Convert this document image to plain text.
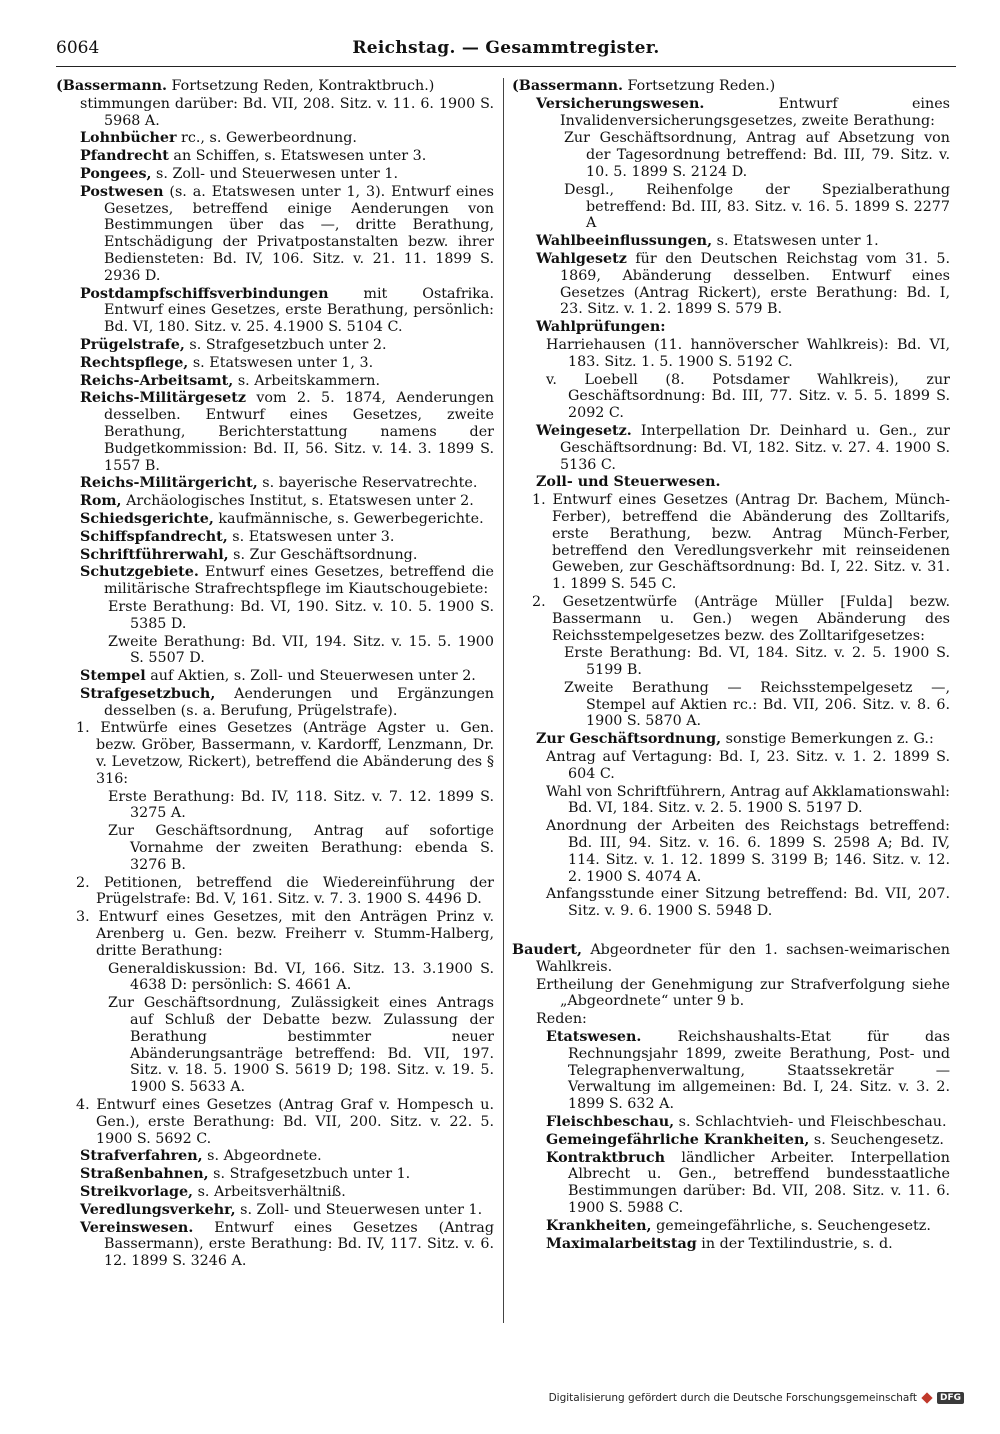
6064	Reichstag. — Gesammtregister.

(Bassermann. Fortsetzung Reden, Kontraktbruch.)

stimmungen darüber: Bd. VII, 208. Sitz. v. 11. 6. 1900 S. 5968 A.

Lohnbücher rc., s. Gewerbeordnung.

Pfandrecht an Schiffen, s. Etatswesen unter 3.

Pongees, s. Zoll- und Steuerwesen unter 1.

Postwesen (s. a. Etatswesen unter 1, 3). Entwurf eines Gesetzes, betreffend einige Aenderungen von Bestimmungen über das —, dritte Berathung, Entschädigung der Privatpostanstalten bezw. ihrer Bediensteten: Bd. IV, 106. Sitz. v. 21. 11. 1899 S. 2936 D.

Postdampfschiffsverbindungen mit Ostafrika. Entwurf eines Gesetzes, erste Berathung, persönlich: Bd. VI, 180. Sitz. v. 25. 4.1900 S. 5104 C.

Prügelstrafe, s. Strafgesetzbuch unter 2.

Rechtspflege, s. Etatswesen unter 1, 3.

Reichs-Arbeitsamt, s. Arbeitskammern.

Reichs-Militärgesetz vom 2. 5. 1874, Aenderungen desselben. Entwurf eines Gesetzes, zweite Berathung, Berichterstattung namens der Budgetkommission: Bd. II, 56. Sitz. v. 14. 3. 1899 S. 1557 B.

Reichs-Militärgericht, s. bayerische Reservatrechte.

Rom, Archäologisches Institut, s. Etatswesen unter 2.

Schiedsgerichte, kaufmännische, s. Gewerbegerichte.

Schiffspfandrecht, s. Etatswesen unter 3.

Schriftführerwahl, s. Zur Geschäftsordnung.

Schutzgebiete. Entwurf eines Gesetzes, betreffend die militärische Strafrechtspflege im Kiautschougebiete:

Erste Berathung: Bd. VI, 190. Sitz. v. 10. 5. 1900 S. 5385 D.

Zweite Berathung: Bd. VII, 194. Sitz. v. 15. 5. 1900 S. 5507 D.

Stempel auf Aktien, s. Zoll- und Steuerwesen unter 2.

Strafgesetzbuch, Aenderungen und Ergänzungen desselben (s. a. Berufung, Prügelstrafe).

1. Entwürfe eines Gesetzes (Anträge Agster u. Gen. bezw. Gröber, Bassermann, v. Kardorff, Lenzmann, Dr. v. Levetzow, Rickert), betreffend die Abänderung des § 316:

Erste Berathung: Bd. IV, 118. Sitz. v. 7. 12. 1899 S. 3275 A.

Zur Geschäftsordnung, Antrag auf sofortige Vornahme der zweiten Berathung: ebenda S. 3276 B.

2. Petitionen, betreffend die Wiedereinführung der Prügelstrafe: Bd. V, 161. Sitz. v. 7. 3. 1900 S. 4496 D.

3. Entwurf eines Gesetzes, mit den Anträgen Prinz v. Arenberg u. Gen. bezw. Freiherr v. Stumm-Halberg, dritte Berathung:

Generaldiskussion: Bd. VI, 166. Sitz. 13. 3.1900 S. 4638 D: persönlich: S. 4661 A.

Zur Geschäftsordnung, Zulässigkeit eines Antrags auf Schluß der Debatte bezw. Zulassung der Berathung bestimmter neuer Abänderungsanträge betreffend: Bd. VII, 197. Sitz. v. 18. 5. 1900 S. 5619 D; 198. Sitz. v. 19. 5. 1900 S. 5633 A.

4. Entwurf eines Gesetzes (Antrag Graf v. Hompesch u. Gen.), erste Berathung: Bd. VII, 200. Sitz. v. 22. 5. 1900 S. 5692 C.

Strafverfahren, s. Abgeordnete.

Straßenbahnen, s. Strafgesetzbuch unter 1.

Streikvorlage, s. Arbeitsverhältniß.

Veredlungsverkehr, s. Zoll- und Steuerwesen unter 1.

Vereinswesen. Entwurf eines Gesetzes (Antrag Bassermann), erste Berathung: Bd. IV, 117. Sitz. v. 6. 12. 1899 S. 3246 A.

(Bassermann. Fortsetzung Reden.)

Versicherungswesen. Entwurf eines Invalidenversicherungsgesetzes, zweite Berathung:

Zur Geschäftsordnung, Antrag auf Absetzung von der Tagesordnung betreffend: Bd. III, 79. Sitz. v. 10. 5. 1899 S. 2124 D.

Desgl., Reihenfolge der Spezialberathung betreffend: Bd. III, 83. Sitz. v. 16. 5. 1899 S. 2277 A

Wahlbeeinflussungen, s. Etatswesen unter 1.

Wahlgesetz für den Deutschen Reichstag vom 31. 5. 1869, Abänderung desselben. Entwurf eines Gesetzes (Antrag Rickert), erste Berathung: Bd. I, 23. Sitz. v. 1. 2. 1899 S. 579 B.

Wahlprüfungen:

Harriehausen (11. hannöverscher Wahlkreis): Bd. VI, 183. Sitz. 1. 5. 1900 S. 5192 C.

v. Loebell (8. Potsdamer Wahlkreis), zur Geschäftsordnung: Bd. III, 77. Sitz. v. 5. 5. 1899 S. 2092 C.

Weingesetz. Interpellation Dr. Deinhard u. Gen., zur Geschäftsordnung: Bd. VI, 182. Sitz. v. 27. 4. 1900 S. 5136 C.

Zoll- und Steuerwesen.

1. Entwurf eines Gesetzes (Antrag Dr. Bachem, Münch-Ferber), betreffend die Abänderung des Zolltarifs, erste Berathung, bezw. Antrag Münch-Ferber, betreffend den Veredlungsverkehr mit reinseidenen Geweben, zur Geschäftsordnung: Bd. I, 22. Sitz. v. 31. 1. 1899 S. 545 C.

2. Gesetzentwürfe (Anträge Müller [Fulda] bezw. Bassermann u. Gen.) wegen Abänderung des Reichsstempelgesetzes bezw. des Zolltarifgesetzes:

Erste Berathung: Bd. VI, 184. Sitz. v. 2. 5. 1900 S. 5199 B.

Zweite Berathung — Reichsstempelgesetz —, Stempel auf Aktien rc.: Bd. VII, 206. Sitz. v. 8. 6. 1900 S. 5870 A.

Zur Geschäftsordnung, sonstige Bemerkungen z. G.:

Antrag auf Vertagung: Bd. I, 23. Sitz. v. 1. 2. 1899 S. 604 C.

Wahl von Schriftführern, Antrag auf Akklamationswahl: Bd. VI, 184. Sitz. v. 2. 5. 1900 S. 5197 D.

Anordnung der Arbeiten des Reichstags betreffend: Bd. III, 94. Sitz. v. 16. 6. 1899 S. 2598 A; Bd. IV, 114. Sitz. v. 1. 12. 1899 S. 3199 B; 146. Sitz. v. 12. 2. 1900 S. 4074 A.

Anfangsstunde einer Sitzung betreffend: Bd. VII, 207. Sitz. v. 9. 6. 1900 S. 5948 D.

Baudert, Abgeordneter für den 1. sachsen-weimarischen Wahlkreis.

Ertheilung der Genehmigung zur Strafverfolgung siehe „Abgeordnete“ unter 9 b.

Reden:

Etatswesen. Reichshaushalts-Etat für das Rechnungsjahr 1899, zweite Berathung, Post- und Telegraphenverwaltung, Staatssekretär — Verwaltung im allgemeinen: Bd. I, 24. Sitz. v. 3. 2. 1899 S. 632 A.

Fleischbeschau, s. Schlachtvieh- und Fleischbeschau.

Gemeingefährliche Krankheiten, s. Seuchengesetz.

Kontraktbruch ländlicher Arbeiter. Interpellation Albrecht u. Gen., betreffend bundesstaatliche Bestimmungen darüber: Bd. VII, 208. Sitz. v. 11. 6. 1900 S. 5988 C.

Krankheiten, gemeingefährliche, s. Seuchengesetz.

Maximalarbeitstag in der Textilindustrie, s. d.

Digitalisierung gefördert durch die Deutsche Forschungsgemeinschaft	DFG
